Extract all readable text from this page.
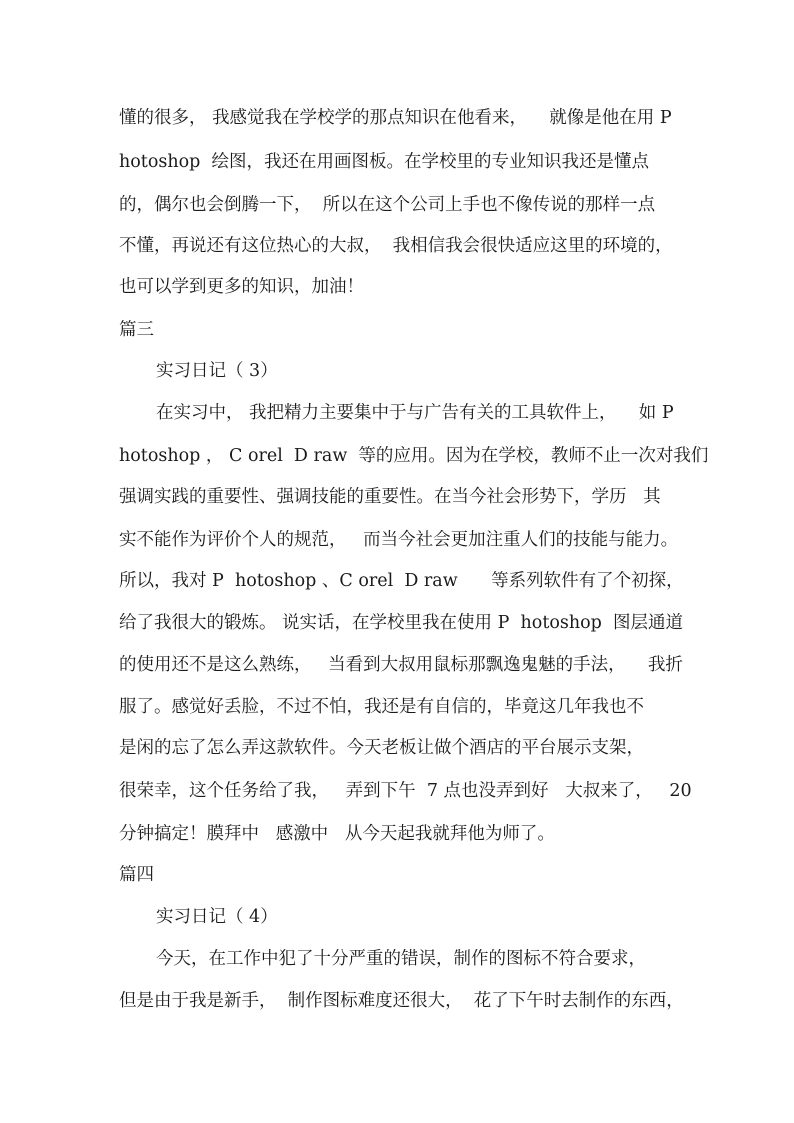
懂的很多， 我感觉我在学校学的那点知识在他看来，    就像是他在用 P
hotoshop  绘图，我还在用画图板。在学校里的专业知识我还是懂点
的，偶尔也会倒腾一下，  所以在这个公司上手也不像传说的那样一点
不懂，再说还有这位热心的大叔，  我相信我会很快适应这里的环境的，
也可以学到更多的知识，加油！
篇三
实习日记（ 3）
在实习中， 我把精力主要集中于与广告有关的工具软件上，    如 P
hotoshop ， C orel  D raw  等的应用。因为在学校，教师不止一次对我们
强调实践的重要性、强调技能的重要性。在当今社会形势下，学历   其
实不能作为评价个人的规范，   而当今社会更加注重人们的技能与能力。
所以，我对 P  hotoshop 、C orel  D raw      等系列软件有了个初探，
给了我很大的锻炼。 说实话，在学校里我在使用 P  hotoshop  图层通道
的使用还不是这么熟练，   当看到大叔用鼠标那飘逸鬼魅的手法，    我折
服了。感觉好丢脸，不过不怕，我还是有自信的，毕竟这几年我也不
是闲的忘了怎么弄这款软件。今天老板让做个酒店的平台展示支架，
很荣幸，这个任务给了我，   弄到下午  7 点也没弄到好   大叔来了，   20
分钟搞定！膜拜中   感激中   从今天起我就拜他为师了。
篇四
实习日记（ 4）
今天，在工作中犯了十分严重的错误，制作的图标不符合要求，
但是由于我是新手，  制作图标难度还很大，  花了下午时去制作的东西，
